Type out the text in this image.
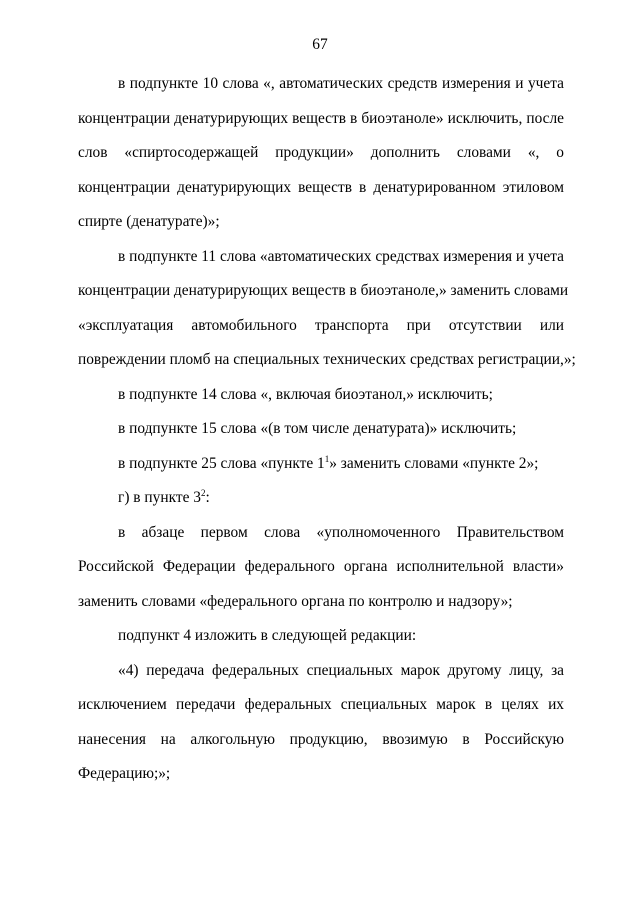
67
в подпункте 10 слова «, автоматических средств измерения и учета
концентрации денатурирующих веществ в биоэтаноле» исключить, после
слов «спиртосодержащей продукции» дополнить словами «, о
концентрации денатурирующих веществ в денатурированном этиловом
спирте (денатурате)»;
в подпункте 11 слова «автоматических средствах измерения и учета
концентрации денатурирующих веществ в биоэтаноле,» заменить словами
«эксплуатация автомобильного транспорта при отсутствии или
повреждении пломб на специальных технических средствах регистрации,»;
в подпункте 14 слова «, включая биоэтанол,» исключить;
в подпункте 15 слова «(в том числе денатурата)» исключить;
в подпункте 25 слова «пункте $1^1$» заменить словами «пункте 2»;
г) в пункте $3^2$:
в абзаце первом слова «уполномоченного Правительством
Российской Федерации федерального органа исполнительной власти»
заменить словами «федерального органа по контролю и надзору»;
подпункт 4 изложить в следующей редакции:
«4) передача федеральных специальных марок другому лицу, за
исключением передачи федеральных специальных марок в целях их
нанесения на алкогольную продукцию, ввозимую в Российскую
Федерацию;»;
